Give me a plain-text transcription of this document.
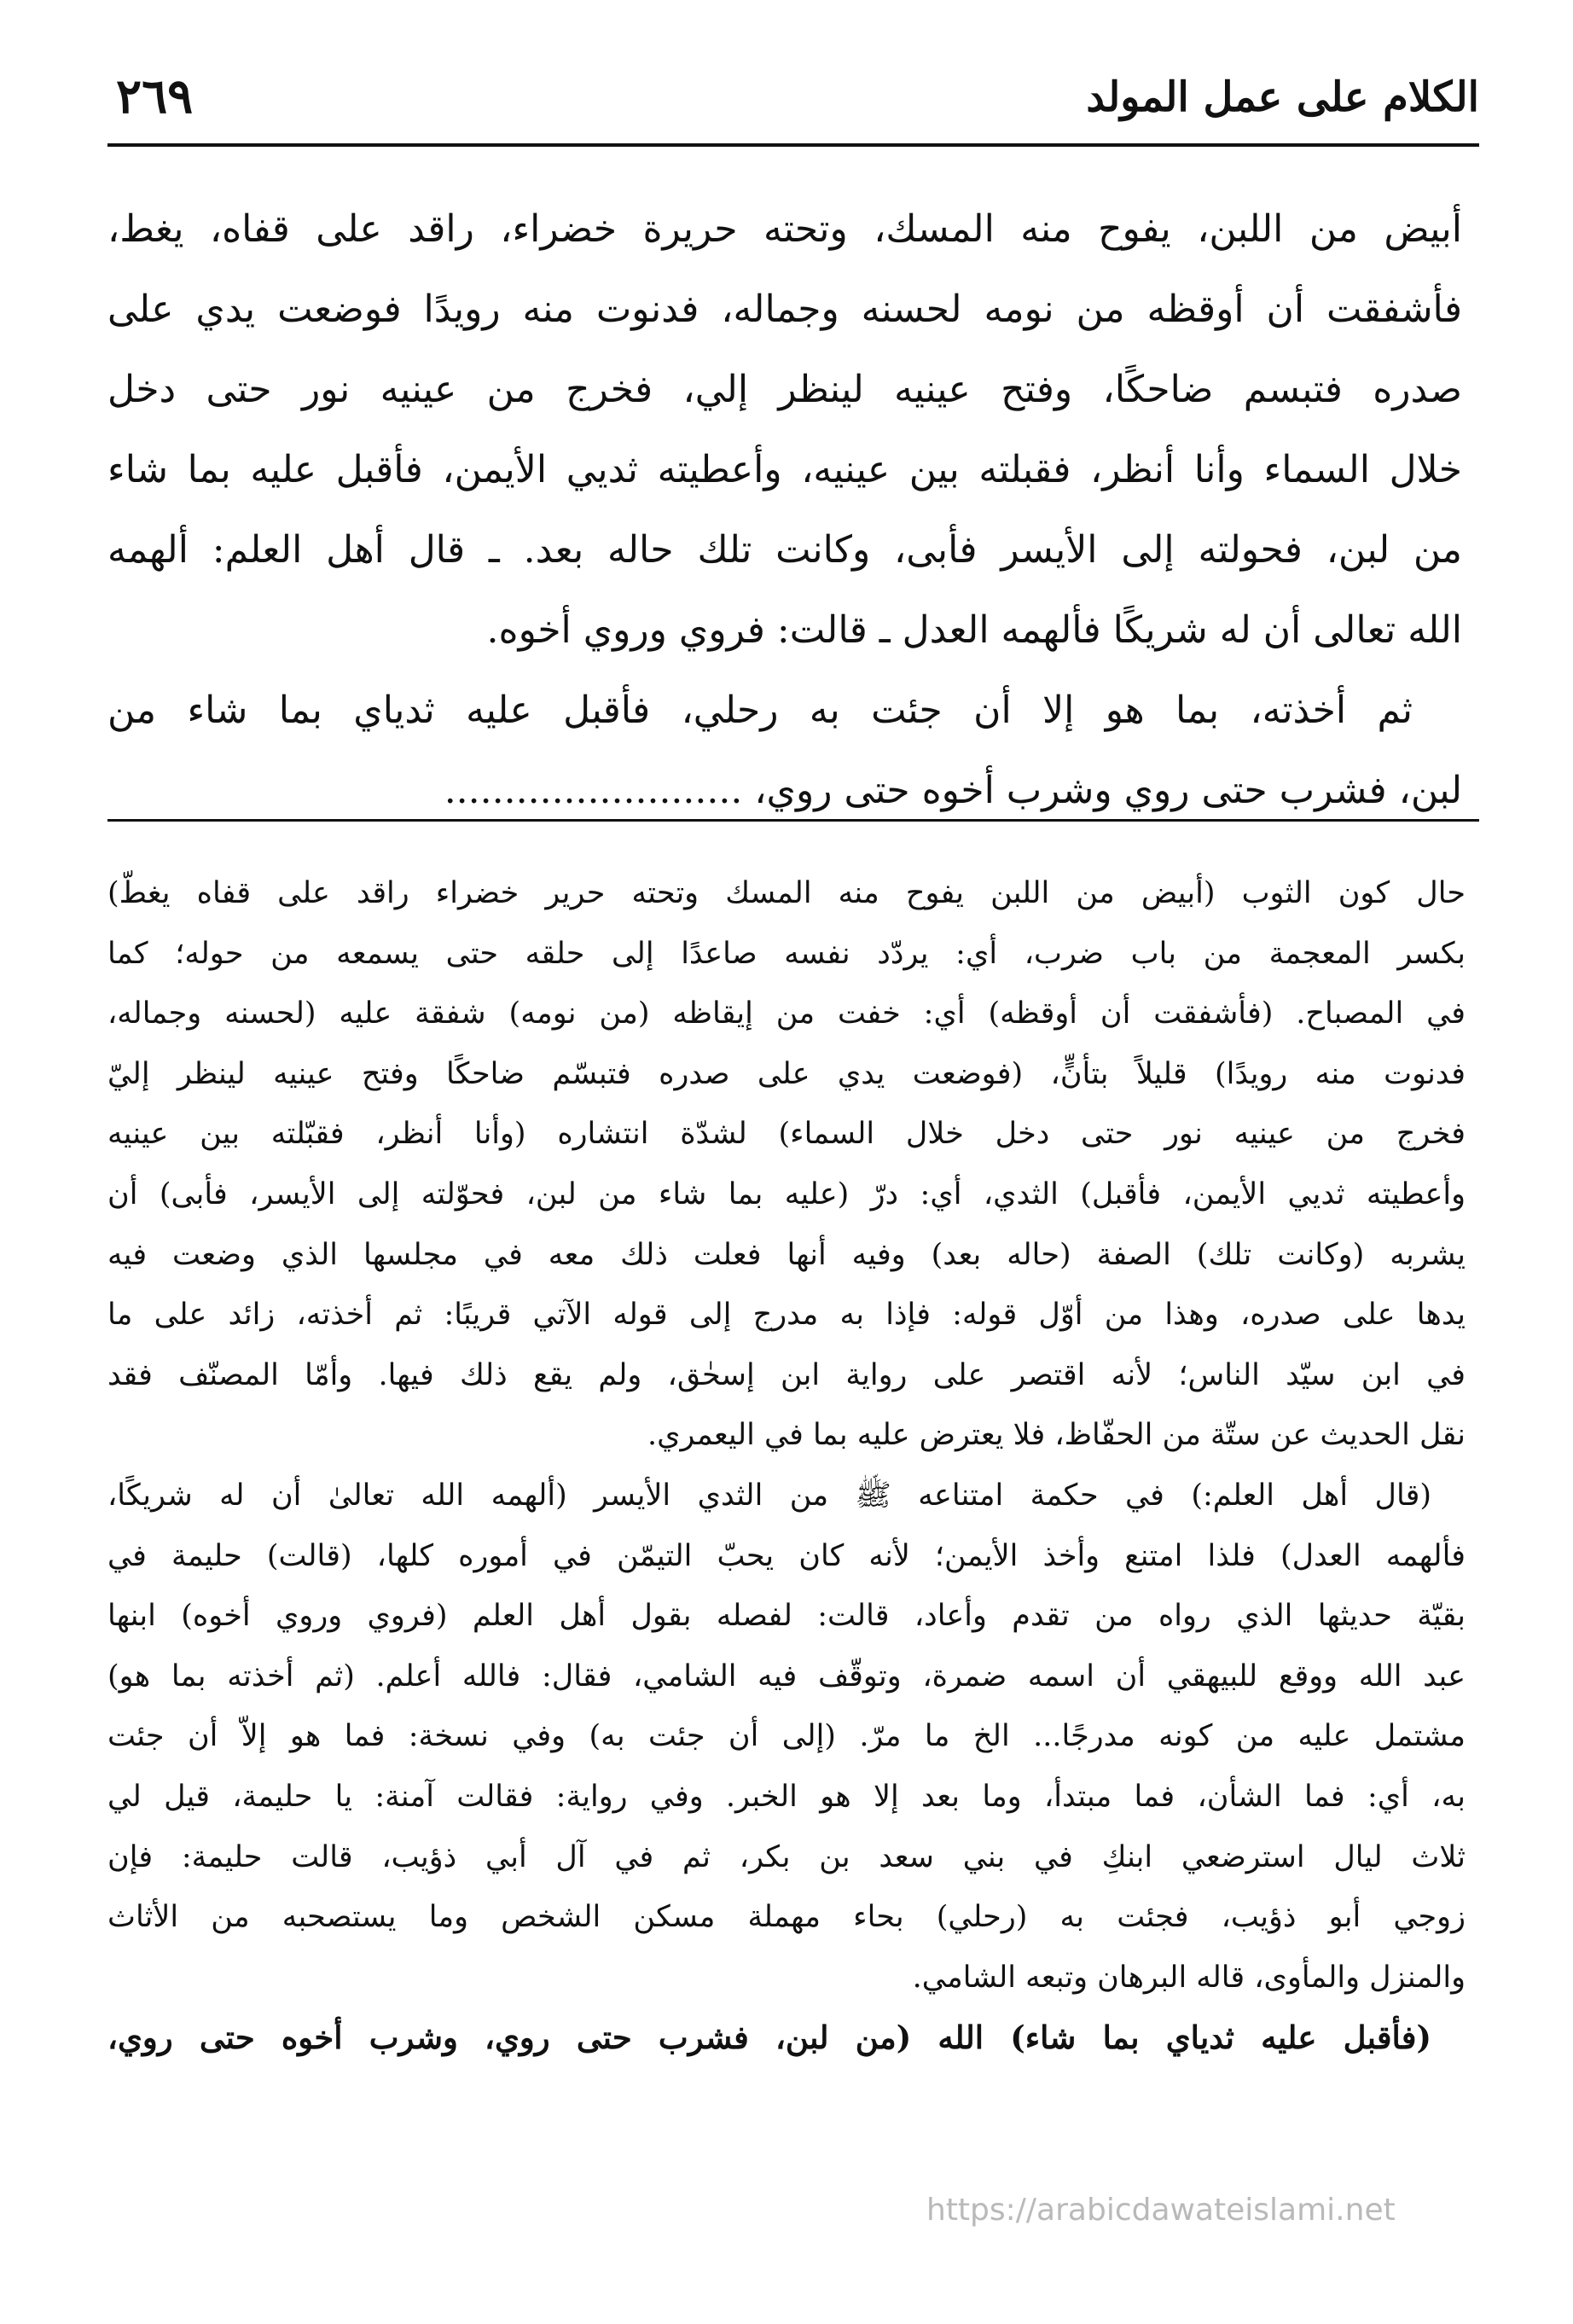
الكلام على عمل المولد
٢٦٩
أبيض من اللبن، يفوح منه المسك، وتحته حريرة خضراء، راقد على قفاه، يغط،
فأشفقت أن أوقظه من نومه لحسنه وجماله، فدنوت منه رويدًا فوضعت يدي على
صدره فتبسم ضاحكًا، وفتح عينيه لينظر إلي، فخرج من عينيه نور حتى دخل
خلال السماء وأنا أنظر، فقبلته بين عينيه، وأعطيته ثديي الأيمن، فأقبل عليه بما شاء
من لبن، فحولته إلى الأيسر فأبى، وكانت تلك حاله بعد. ـ قال أهل العلم: ألهمه
الله تعالى أن له شريكًا فألهمه العدل ـ قالت: فروي وروي أخوه.
ثم أخذته، بما هو إلا أن جئت به رحلي، فأقبل عليه ثدياي بما شاء من
لبن، فشرب حتى روي وشرب أخوه حتى روي، .........................
حال كون الثوب (أبيض من اللبن يفوح منه المسك وتحته حرير خضراء راقد على قفاه يغطّ)
بكسر المعجمة من باب ضرب، أي: يردّد نفسه صاعدًا إلى حلقه حتى يسمعه من حوله؛ كما
في المصباح. (فأشفقت أن أوقظه) أي: خفت من إيقاظه (من نومه) شفقة عليه (لحسنه وجماله،
فدنوت منه رويدًا) قليلاً بتأنٍّ، (فوضعت يدي على صدره فتبسّم ضاحكًا وفتح عينيه لينظر إليّ
فخرج من عينيه نور حتى دخل خلال السماء) لشدّة انتشاره (وأنا أنظر، فقبّلته بين عينيه
وأعطيته ثديي الأيمن، فأقبل) الثدي، أي: درّ (عليه بما شاء من لبن، فحوّلته إلى الأيسر، فأبى) أن
يشربه (وكانت تلك) الصفة (حاله بعد) وفيه أنها فعلت ذلك معه في مجلسها الذي وضعت فيه
يدها على صدره، وهذا من أوّل قوله: فإذا به مدرج إلى قوله الآتي قريبًا: ثم أخذته، زائد على ما
في ابن سيّد الناس؛ لأنه اقتصر على رواية ابن إسحٰق، ولم يقع ذلك فيها. وأمّا المصنّف فقد
نقل الحديث عن ستّة من الحفّاظ، فلا يعترض عليه بما في اليعمري.
(قال أهل العلم:) في حكمة امتناعه ﷺ من الثدي الأيسر (ألهمه الله تعالىٰ أن له شريكًا،
فألهمه العدل) فلذا امتنع وأخذ الأيمن؛ لأنه كان يحبّ التيمّن في أموره كلها، (قالت) حليمة في
بقيّة حديثها الذي رواه من تقدم وأعاد، قالت: لفصله بقول أهل العلم (فروي وروي أخوه) ابنها
عبد الله ووقع للبيهقي أن اسمه ضمرة، وتوقّف فيه الشامي، فقال: فالله أعلم. (ثم أخذته بما هو)
مشتمل عليه من كونه مدرجًا... الخ ما مرّ. (إلى أن جئت به) وفي نسخة: فما هو إلاّ أن جئت
به، أي: فما الشأن، فما مبتدأ، وما بعد إلا هو الخبر. وفي رواية: فقالت آمنة: يا حليمة، قيل لي
ثلاث ليال استرضعي ابنكِ في بني سعد بن بكر، ثم في آل أبي ذؤيب، قالت حليمة: فإن
زوجي أبو ذؤيب، فجئت به (رحلي) بحاء مهملة مسكن الشخص وما يستصحبه من الأثاث
والمنزل والمأوى، قاله البرهان وتبعه الشامي.
(فأقبل عليه ثدياي بما شاء) الله (من لبن، فشرب حتى روي، وشرب أخوه حتى روي،
https://arabicdawateislami.net
